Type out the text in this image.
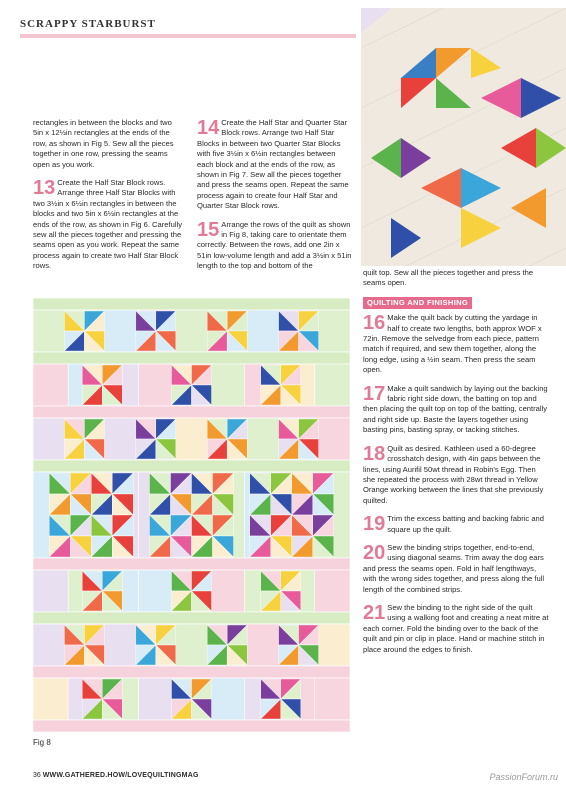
SCRAPPY STARBURST
rectangles in between the blocks and two 5in x 12½in rectangles at the ends of the row, as shown in Fig 5. Sew all the pieces together in one row, pressing the seams open as you work.
13 Create the Half Star Block rows. Arrange three Half Star Blocks with two 3½in x 6½in rectangles in between the blocks and two 5in x 6½in rectangles at the ends of the row, as shown in Fig 6. Carefully sew all the pieces together and pressing the seams open as you work. Repeat the same process again to create two Half Star Block rows.
14 Create the Half Star and Quarter Star Block rows. Arrange two Half Star Blocks in between two Quarter Star Blocks with five 3½in x 6½in rectangles between each block and at the ends of the row, as shown in Fig 7. Sew all the pieces together and press the seams open. Repeat the same process again to create four Half Star and Quarter Star Block rows.
15 Arrange the rows of the quilt as shown in Fig 8, taking care to orientate them correctly. Between the rows, add one 2in x 51in low-volume length and add a 3½in x 51in length to the top and bottom of the

quilt top. Sew all the pieces together and press the seams open.

QUILTING AND FINISHING
16 Make the quilt back by cutting the yardage in half to create two lengths, both approx WOF x 72in. Remove the selvedge from each piece, pattern match if required, and sew them together, along the long edge, using a ½in seam. Then press the seam open.
17 Make a quilt sandwich by laying out the backing fabric right side down, the batting on top and then placing the quilt top on top of the batting, centrally and right side up. Baste the layers together using basting pins, basting spray, or tacking stitches.
18 Quilt as desired. Kathleen used a 60-degree crosshatch design, with 4in gaps between the lines, using Aurifil 50wt thread in Robin's Egg. Then she repeated the process with 28wt thread in Yellow Orange working between the lines that she previously quilted.
19 Trim the excess batting and backing fabric and square up the quilt.
20 Sew the binding strips together, end-to-end, using diagonal seams. Trim away the dog ears and press the seams open. Fold in half lengthways, with the wrong sides together, and press along the full length of the combined strips.
21 Sew the binding to the right side of the quilt using a walking foot and creating a neat mitre at each corner. Fold the binding over to the back of the quilt and pin or clip in place. Hand or machine stitch in place around the edges to finish.
Fig 8
36 WWW.GATHERED.HOW/LOVEQUILTINGMAG	PassionForum.ru
